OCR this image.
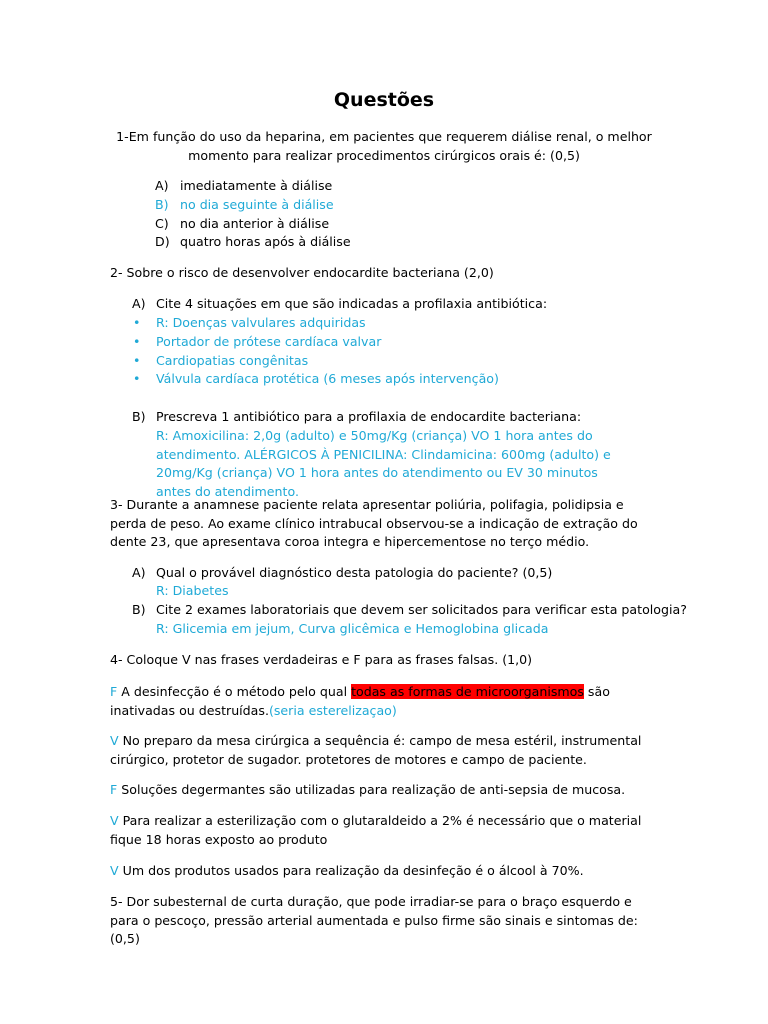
Questões
1-Em função do uso da heparina, em pacientes que requerem diálise renal, o melhor momento para realizar procedimentos cirúrgicos orais é: (0,5)
A) imediatamente à diálise
B) no dia seguinte à diálise
C) no dia anterior à diálise
D) quatro horas após à diálise
2- Sobre o risco de desenvolver endocardite bacteriana (2,0)
A) Cite 4 situações em que são indicadas a profilaxia antibiótica:
• R: Doenças valvulares adquiridas
• Portador de prótese cardíaca valvar
• Cardiopatias congênitas
• Válvula cardíaca protética (6 meses após intervenção)
B) Prescreva 1 antibiótico para a profilaxia de endocardite bacteriana:
R: Amoxicilina: 2,0g (adulto) e 50mg/Kg (criança) VO 1 hora antes do atendimento. ALÉRGICOS À PENICILINA: Clindamicina: 600mg (adulto) e 20mg/Kg (criança) VO 1 hora antes do atendimento ou EV 30 minutos antes do atendimento.
3- Durante a anamnese paciente relata apresentar poliúria, polifagia, polidipsia e perda de peso. Ao exame clínico intrabucal observou-se a indicação de extração do dente 23, que apresentava coroa integra e hipercementose no terço médio.
A) Qual o provável diagnóstico desta patologia do paciente? (0,5)
R: Diabetes
B) Cite 2 exames laboratoriais que devem ser solicitados para verificar esta patologia?
R: Glicemia em jejum, Curva glicêmica e Hemoglobina glicada
4- Coloque V nas frases verdadeiras e F para as frases falsas. (1,0)
F A desinfecção é o método pelo qual todas as formas de microorganismos são inativadas ou destruídas.(seria esterelizaçao)
V No preparo da mesa cirúrgica a sequência é: campo de mesa estéril, instrumental cirúrgico, protetor de sugador. protetores de motores e campo de paciente.
F Soluções degermantes são utilizadas para realização de anti-sepsia de mucosa.
V Para realizar a esterilização com o glutaraldeido a 2% é necessário que o material fique 18 horas exposto ao produto
V Um dos produtos usados para realização da desinfeção é o álcool à 70%.
5- Dor subesternal de curta duração, que pode irradiar-se para o braço esquerdo e para o pescoço, pressão arterial aumentada e pulso firme são sinais e sintomas de: (0,5)
